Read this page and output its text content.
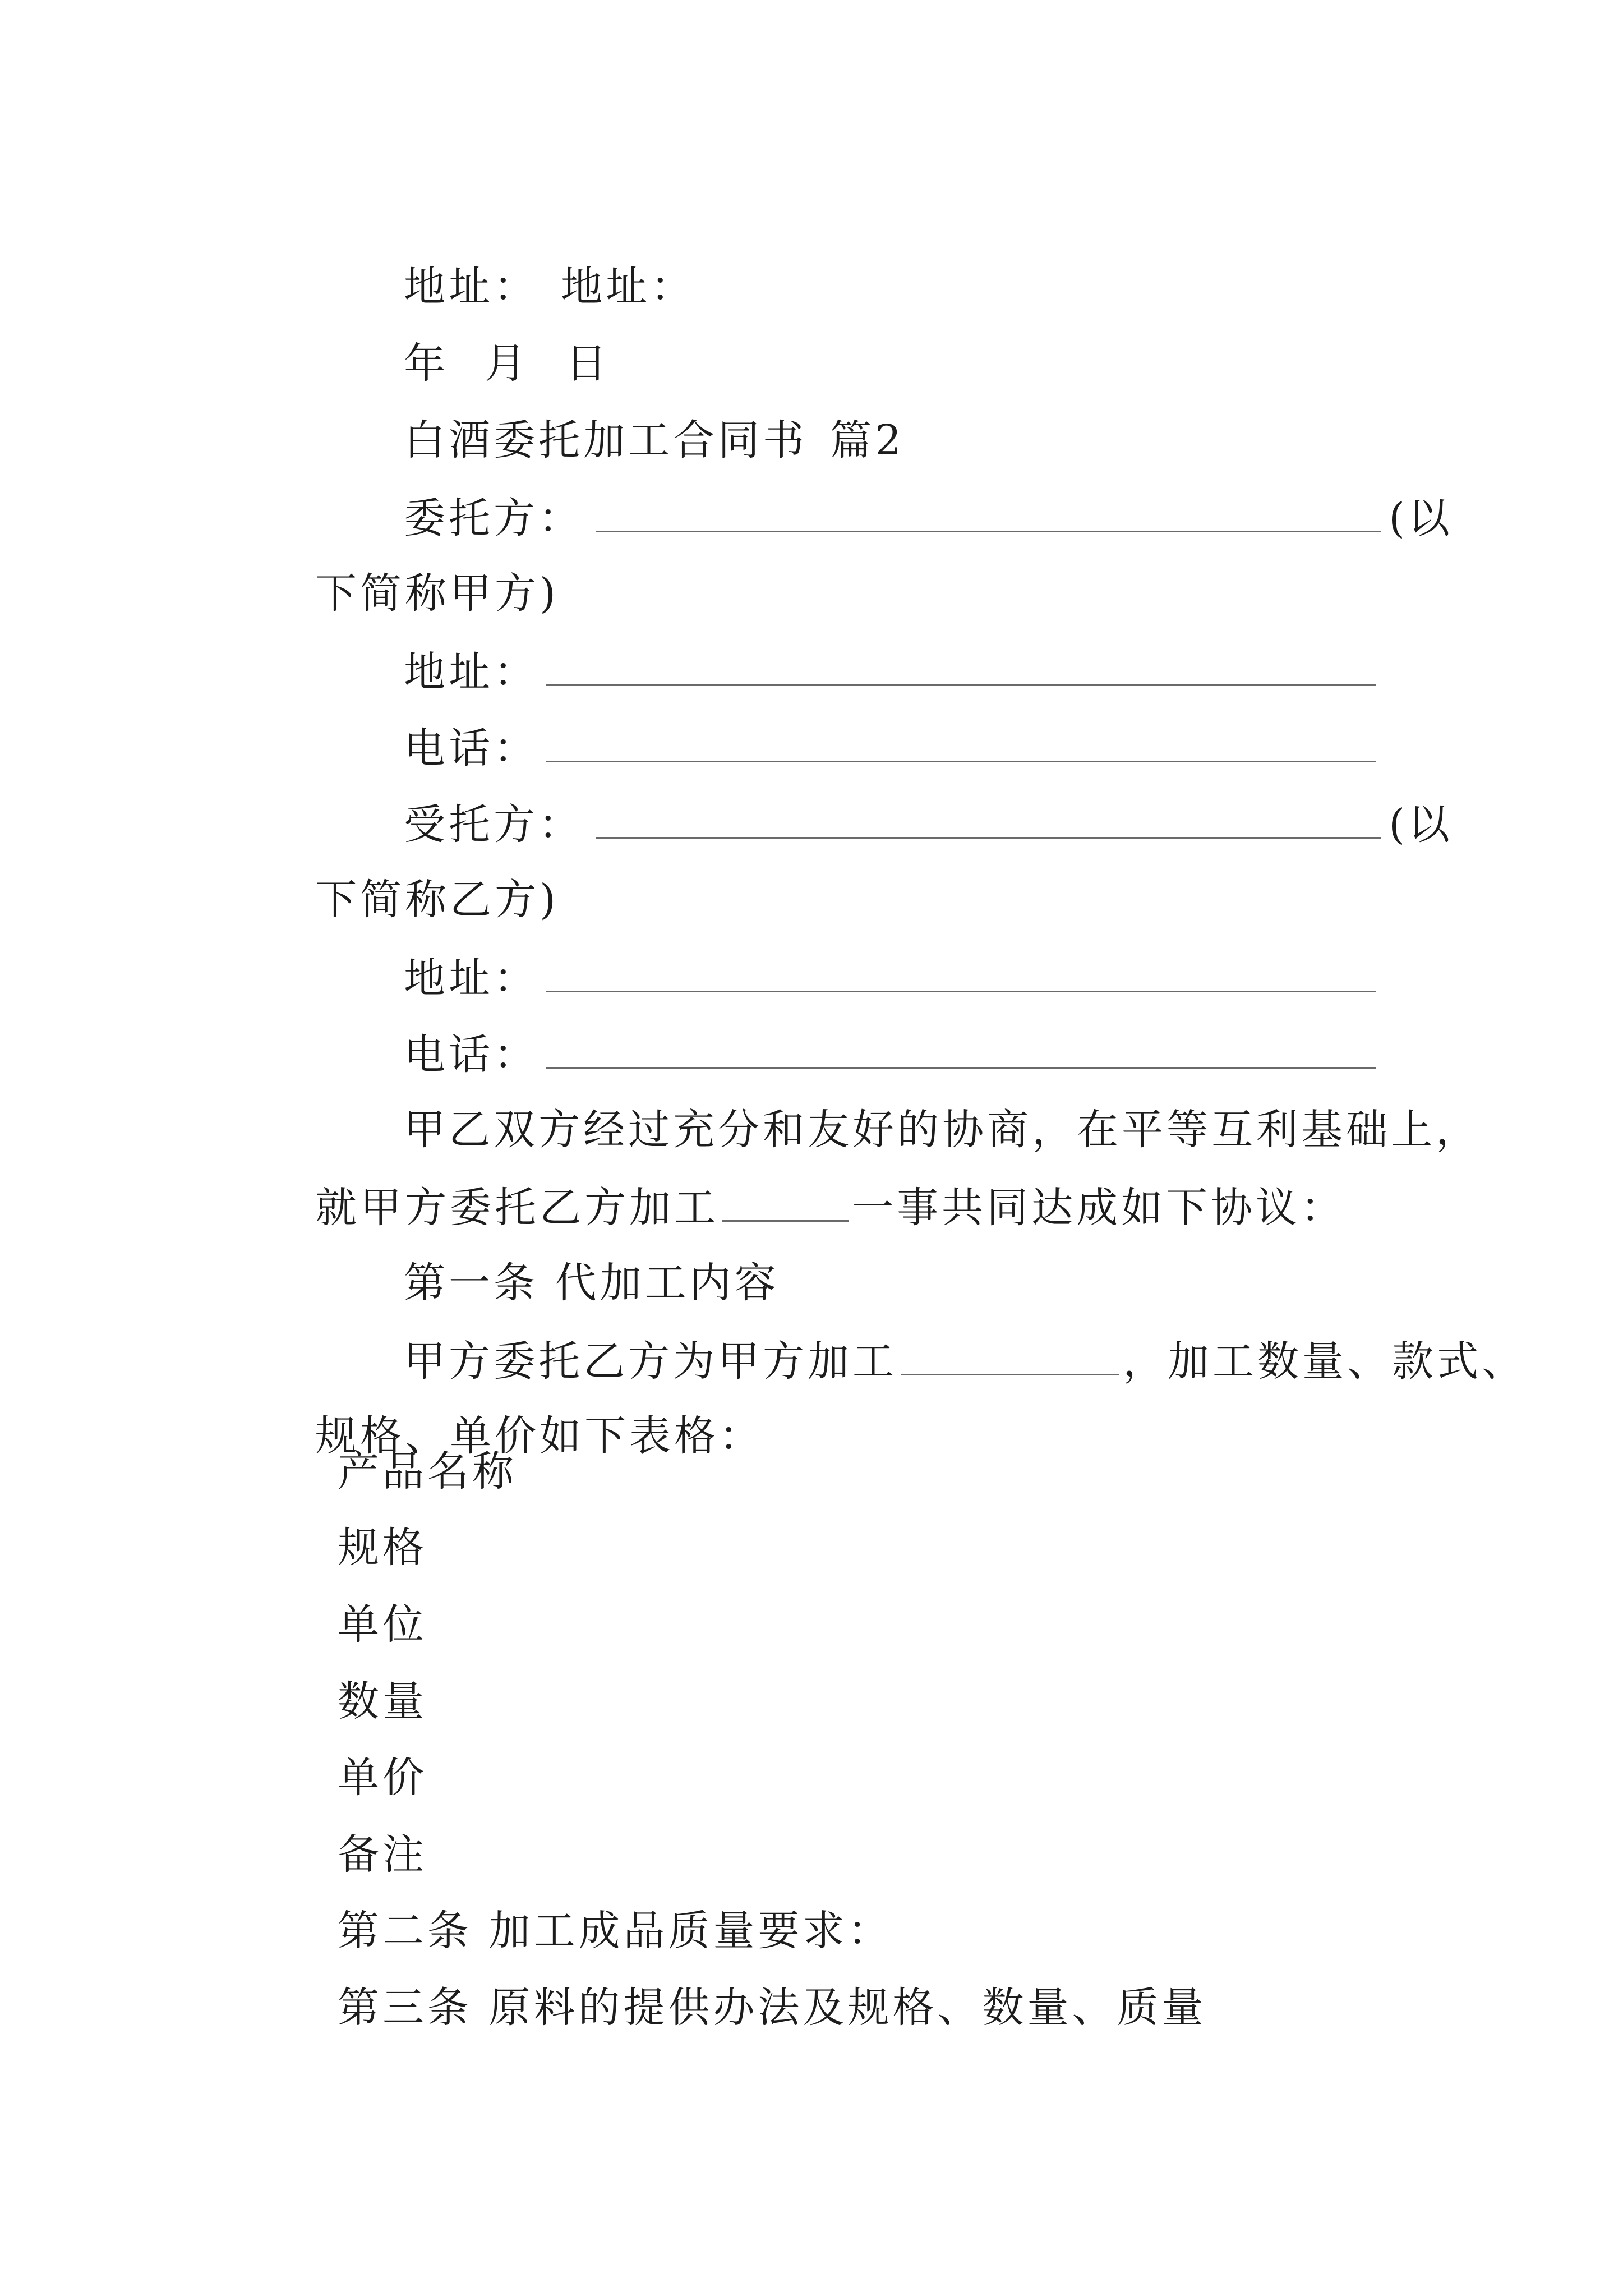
地址： 地址：

年 月 日

白酒委托加工合同书 篇2

委托方：	(以

下简称甲方)

地址：

电话：

受托方：	(以

下简称乙方)

地址：

电话：

甲乙双方经过充分和友好的协商，在平等互利基础上，

就甲方委托乙方加工	一事共同达成如下协议：

第一条 代加工内容

甲方委托乙方为甲方加工	，加工数量、款式、

规格、单价如下表格：

产品名称
规格
单位
数量
单价
备注
第二条 加工成品质量要求：
第三条 原料的提供办法及规格、数量、质量
